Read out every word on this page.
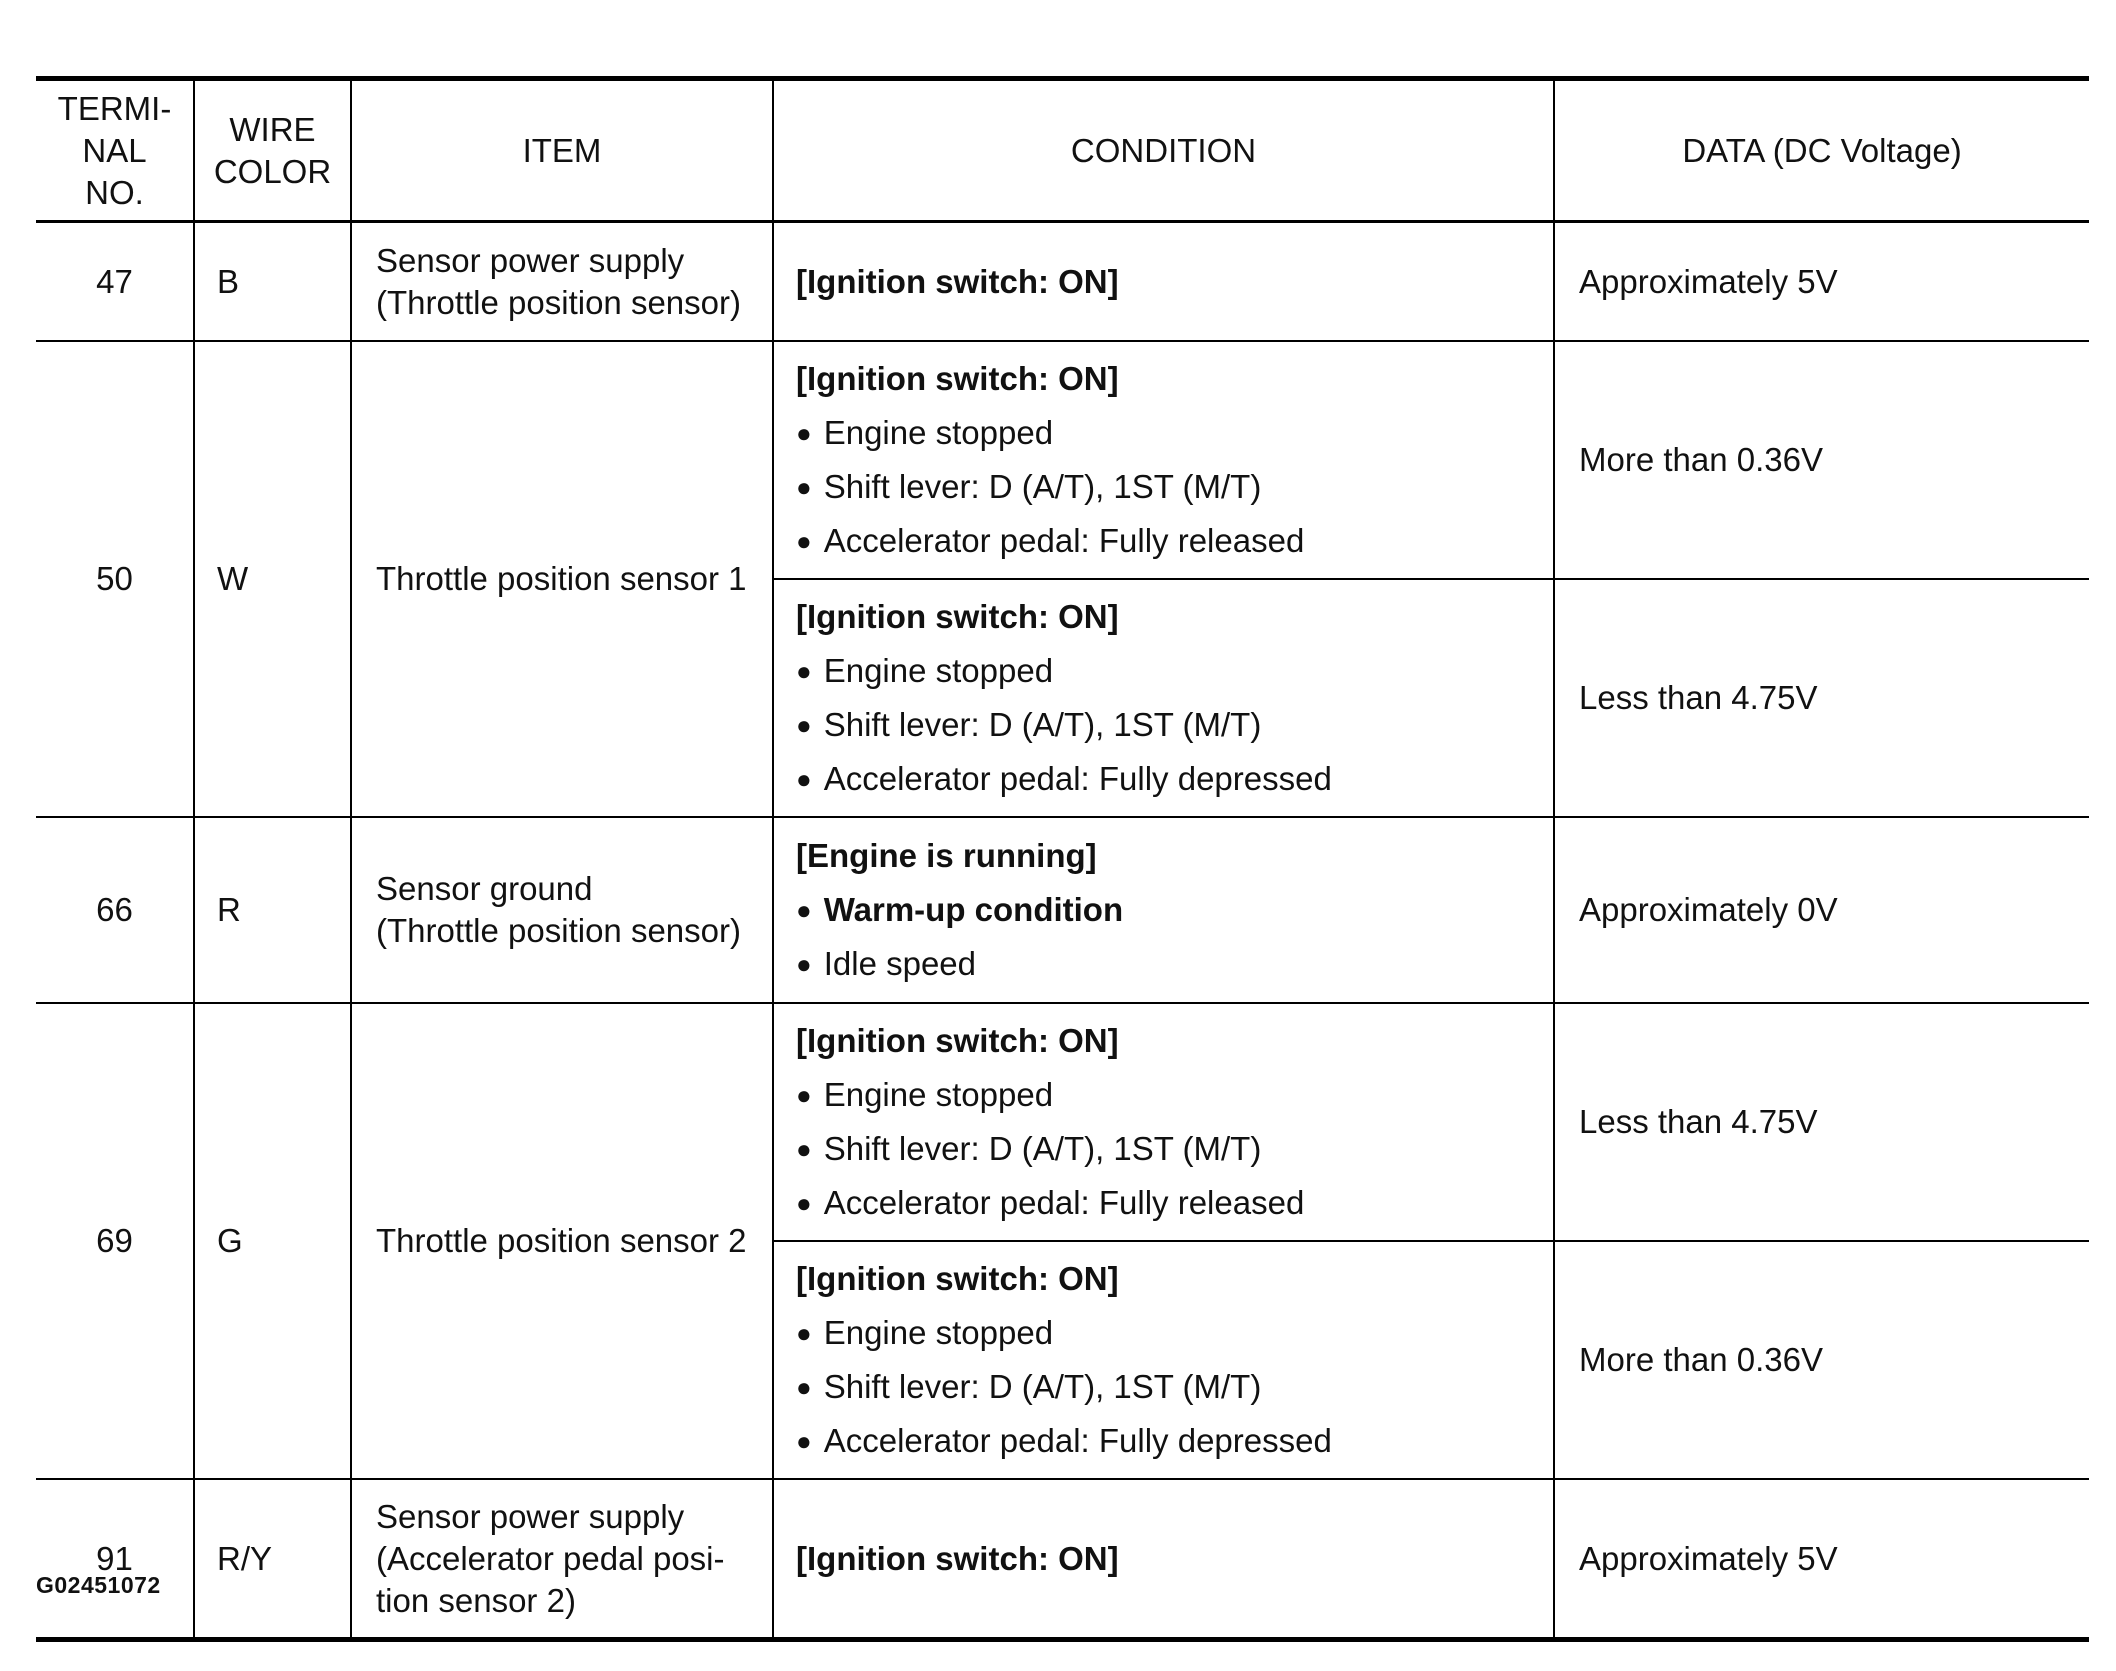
TERMI-
NAL
NO.	WIRE
COLOR	ITEM	CONDITION	DATA (DC Voltage)
47	B	Sensor power supply
(Throttle position sensor)	[Ignition switch: ON]	Approximately 5V
50	W	Throttle position sensor 1	[Ignition switch: ON]
● Engine stopped
● Shift lever: D (A/T), 1ST (M/T)
● Accelerator pedal: Fully released	More than 0.36V

			[Ignition switch: ON]
● Engine stopped
● Shift lever: D (A/T), 1ST (M/T)
● Accelerator pedal: Fully depressed	Less than 4.75V
66	R	Sensor ground
(Throttle position sensor)	[Engine is running]
● Warm-up condition
● Idle speed	Approximately 0V
69	G	Throttle position sensor 2	[Ignition switch: ON]
● Engine stopped
● Shift lever: D (A/T), 1ST (M/T)
● Accelerator pedal: Fully released	Less than 4.75V

			[Ignition switch: ON]
● Engine stopped
● Shift lever: D (A/T), 1ST (M/T)
● Accelerator pedal: Fully depressed	More than 0.36V
91	R/Y	Sensor power supply
(Accelerator pedal posi-
tion sensor 2)	[Ignition switch: ON]	Approximately 5V
G02451072
